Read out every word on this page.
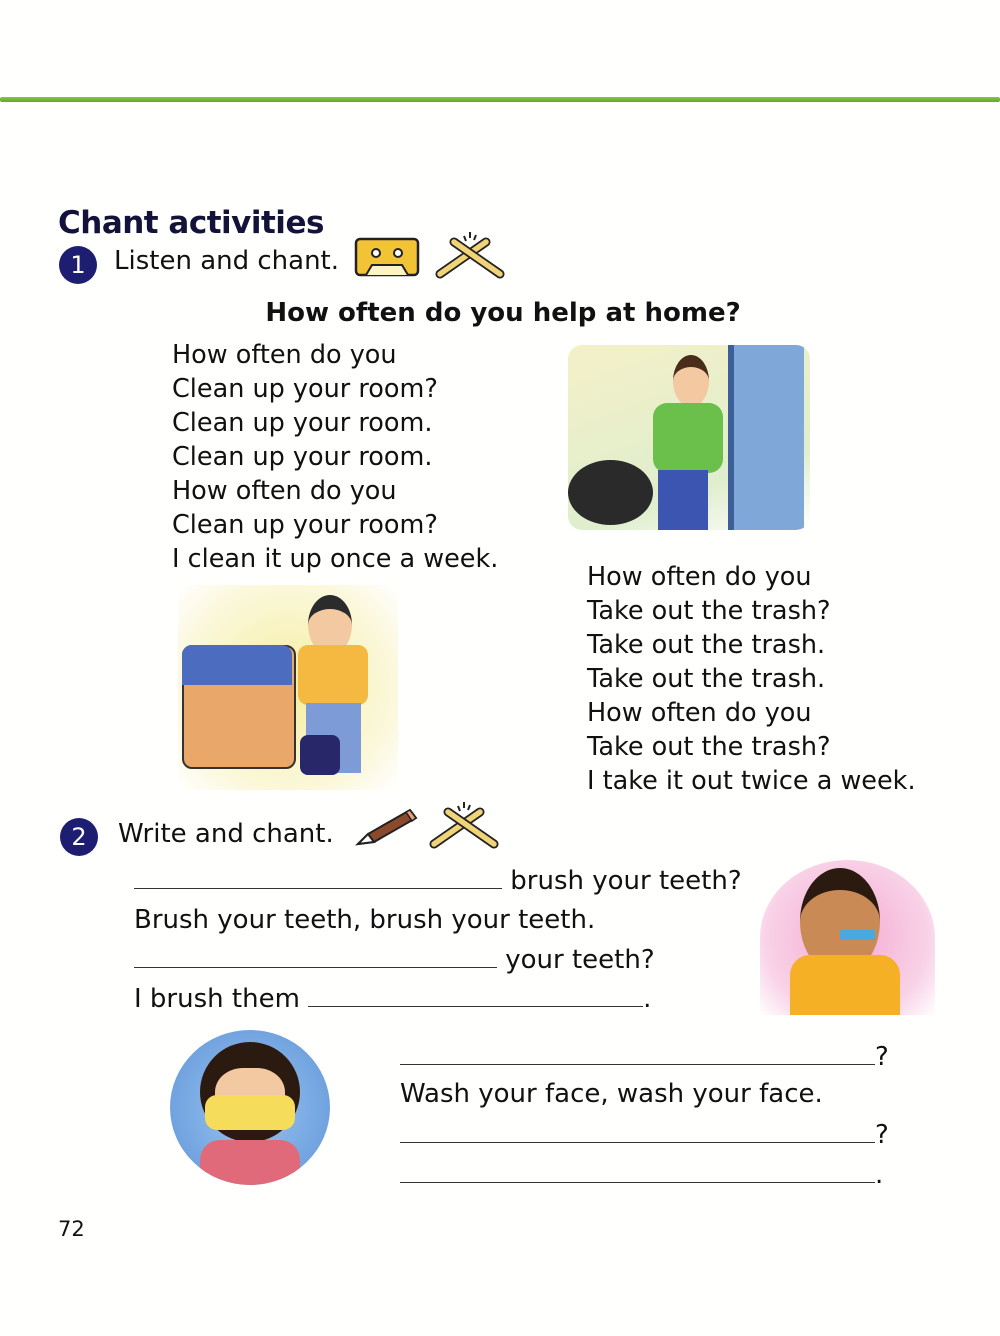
Chant activities
1	Listen and chant.
How often do you help at home?
How often do you
Clean up your room?
Clean up your room.
Clean up your room.
How often do you
Clean up your room?
I clean it up once a week.
How often do you
Take out the trash?
Take out the trash.
Take out the trash.
How often do you
Take out the trash?
I take it out twice a week.
2	Write and chant.
brush your teeth?
Brush your teeth, brush your teeth.
your teeth?
I brush them	.
?
Wash your face, wash your face.
?
.
72
